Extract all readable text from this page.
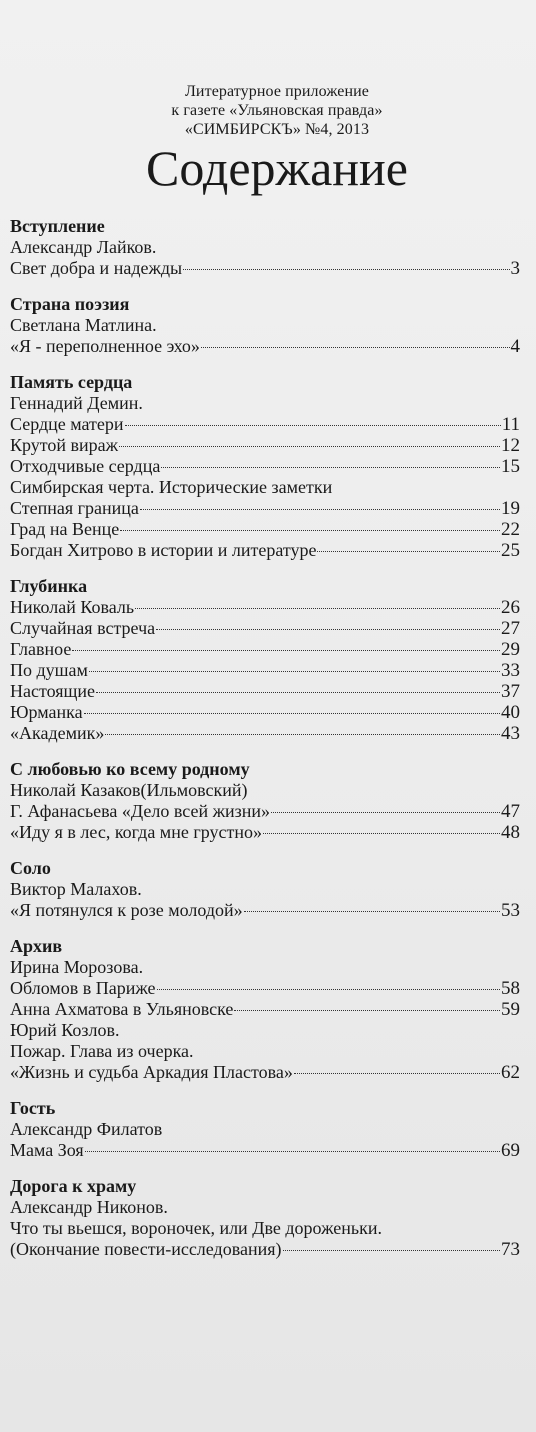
Литературное приложение
к газете «Ульяновская правда»
«СИМБИРСКЪ» №4, 2013
Содержание
Вступление
Александр Лайков.
Свет добра и надежды	3
Страна поэзия
Светлана Матлина.
«Я - переполненное эхо»	4
Память сердца
Геннадий Демин.
Сердце матери	11
Крутой вираж	12
Отходчивые сердца	15
Симбирская черта. Исторические заметки
Степная граница	19
Град на Венце	22
Богдан Хитрово в истории и литературе	25
Глубинка
Николай Коваль	26
Случайная встреча	27
Главное	29
По душам	33
Настоящие	37
Юрманка	40
«Академик»	43
С любовью ко всему родному
Николай Казаков(Ильмовский)
Г. Афанасьева «Дело всей жизни»	47
«Иду я в лес, когда мне грустно»	48
Соло
Виктор Малахов.
«Я потянулся к розе молодой»	53
Архив
Ирина Морозова.
Обломов в Париже	58
Анна Ахматова в Ульяновске	59
Юрий Козлов.
Пожар. Глава из очерка.
«Жизнь и судьба Аркадия Пластова»	62
Гость
Александр Филатов
Мама Зоя	69
Дорога к храму
Александр Никонов.
Что ты вьешся, вороночек, или Две дороженьки.
(Окончание повести-исследования)	73
